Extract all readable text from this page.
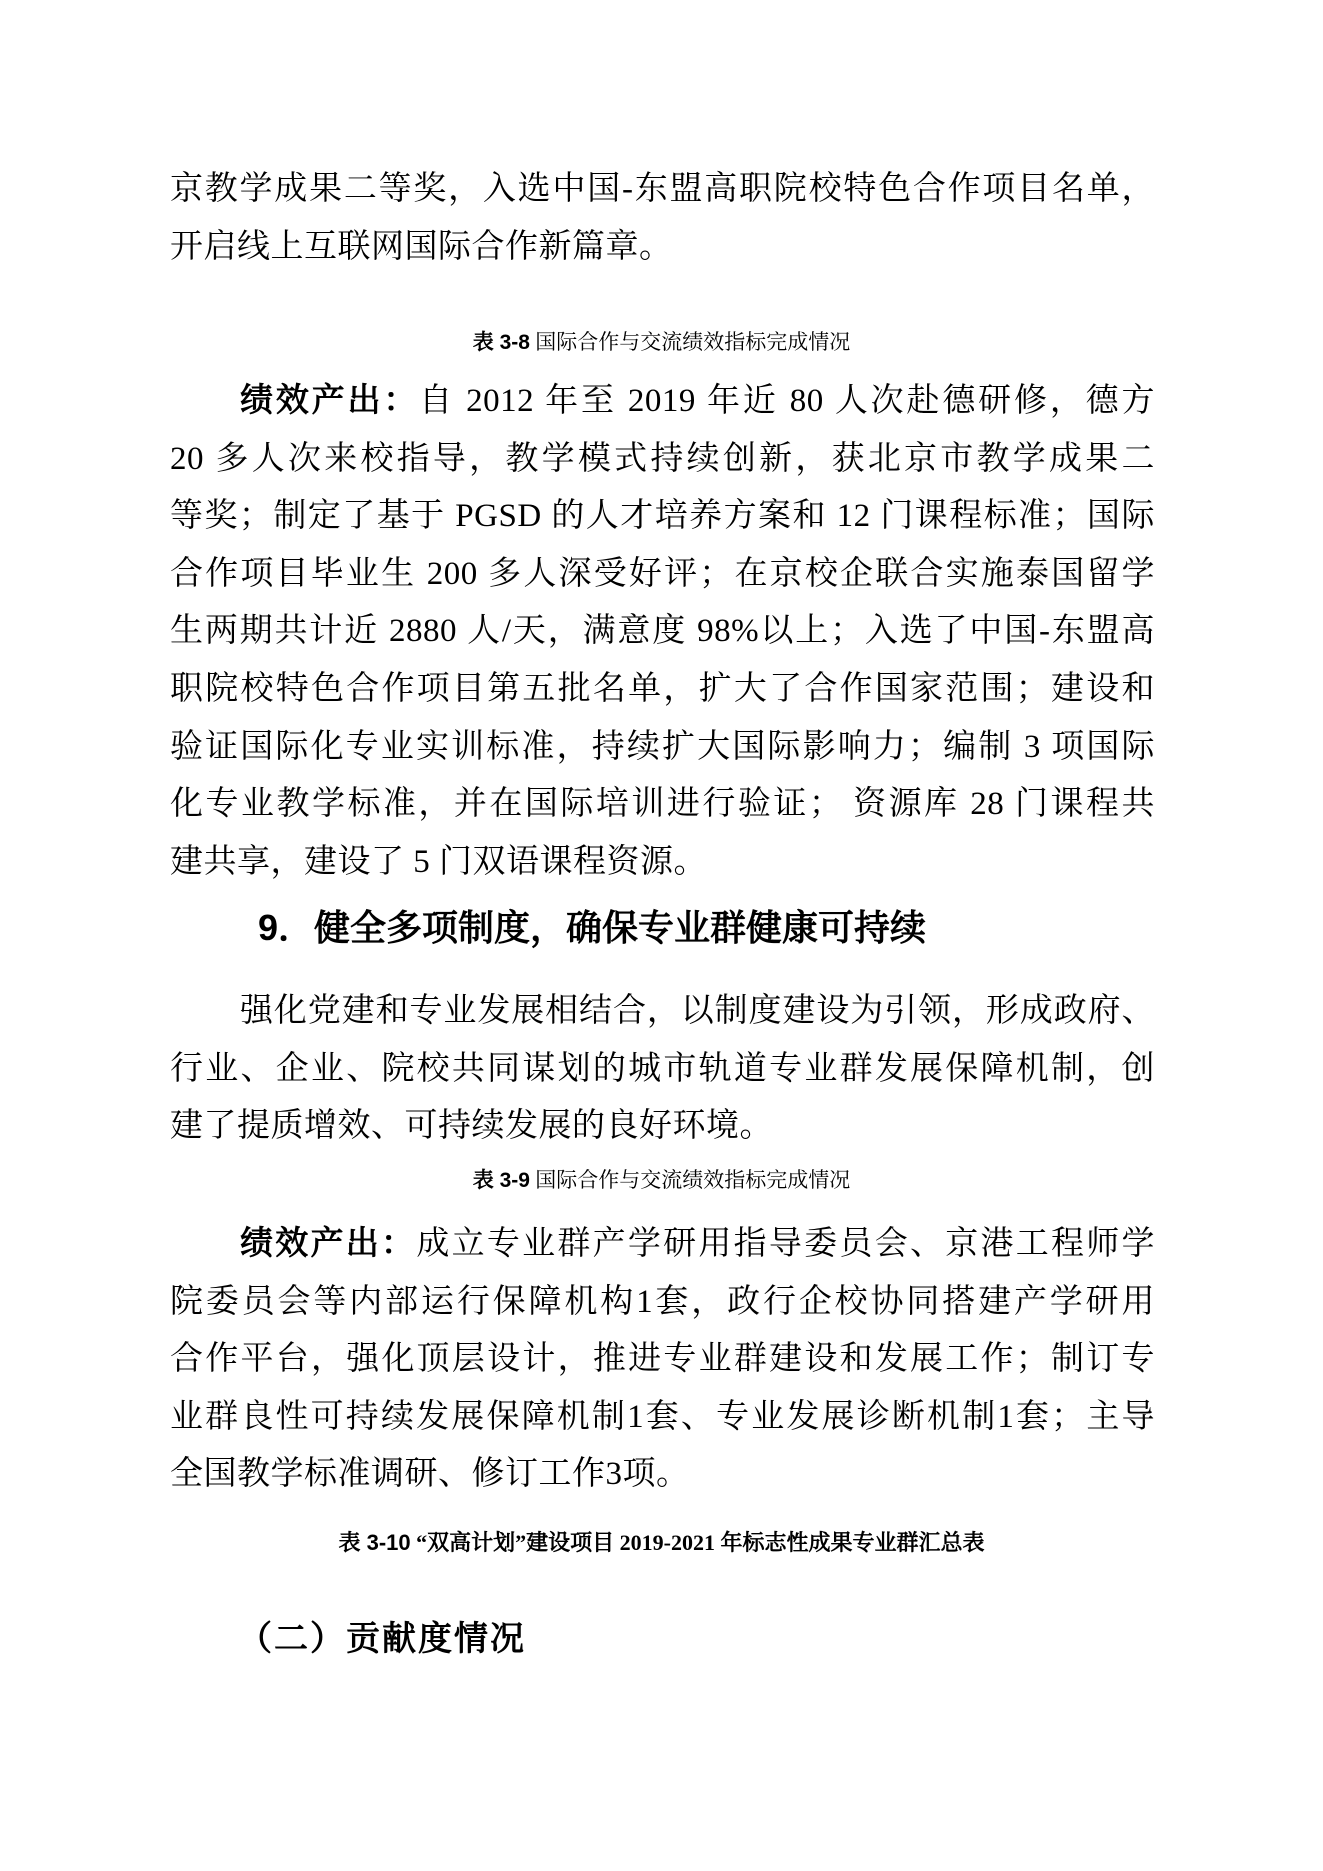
京教学成果二等奖，入选中国-东盟高职院校特色合作项目名单，
开启线上互联网国际合作新篇章。
表 3-8 国际合作与交流绩效指标完成情况
绩效产出：自 2012 年至 2019 年近 80 人次赴德研修，德方
20 多人次来校指导，教学模式持续创新，获北京市教学成果二
等奖；制定了基于 PGSD 的人才培养方案和 12 门课程标准；国际
合作项目毕业生 200 多人深受好评；在京校企联合实施泰国留学
生两期共计近 2880 人/天，满意度 98%以上；入选了中国-东盟高
职院校特色合作项目第五批名单，扩大了合作国家范围；建设和
验证国际化专业实训标准，持续扩大国际影响力；编制 3 项国际
化专业教学标准，并在国际培训进行验证； 资源库 28 门课程共
建共享，建设了 5 门双语课程资源。
9．健全多项制度，确保专业群健康可持续
强化党建和专业发展相结合，以制度建设为引领，形成政府、
行业、企业、院校共同谋划的城市轨道专业群发展保障机制，创
建了提质增效、可持续发展的良好环境。
表 3-9 国际合作与交流绩效指标完成情况
绩效产出：成立专业群产学研用指导委员会、京港工程师学
院委员会等内部运行保障机构1套，政行企校协同搭建产学研用
合作平台，强化顶层设计，推进专业群建设和发展工作；制订专
业群良性可持续发展保障机制1套、专业发展诊断机制1套；主导
全国教学标准调研、修订工作3项。
表 3-10 “双高计划”建设项目 2019-2021 年标志性成果专业群汇总表
（二）贡献度情况
